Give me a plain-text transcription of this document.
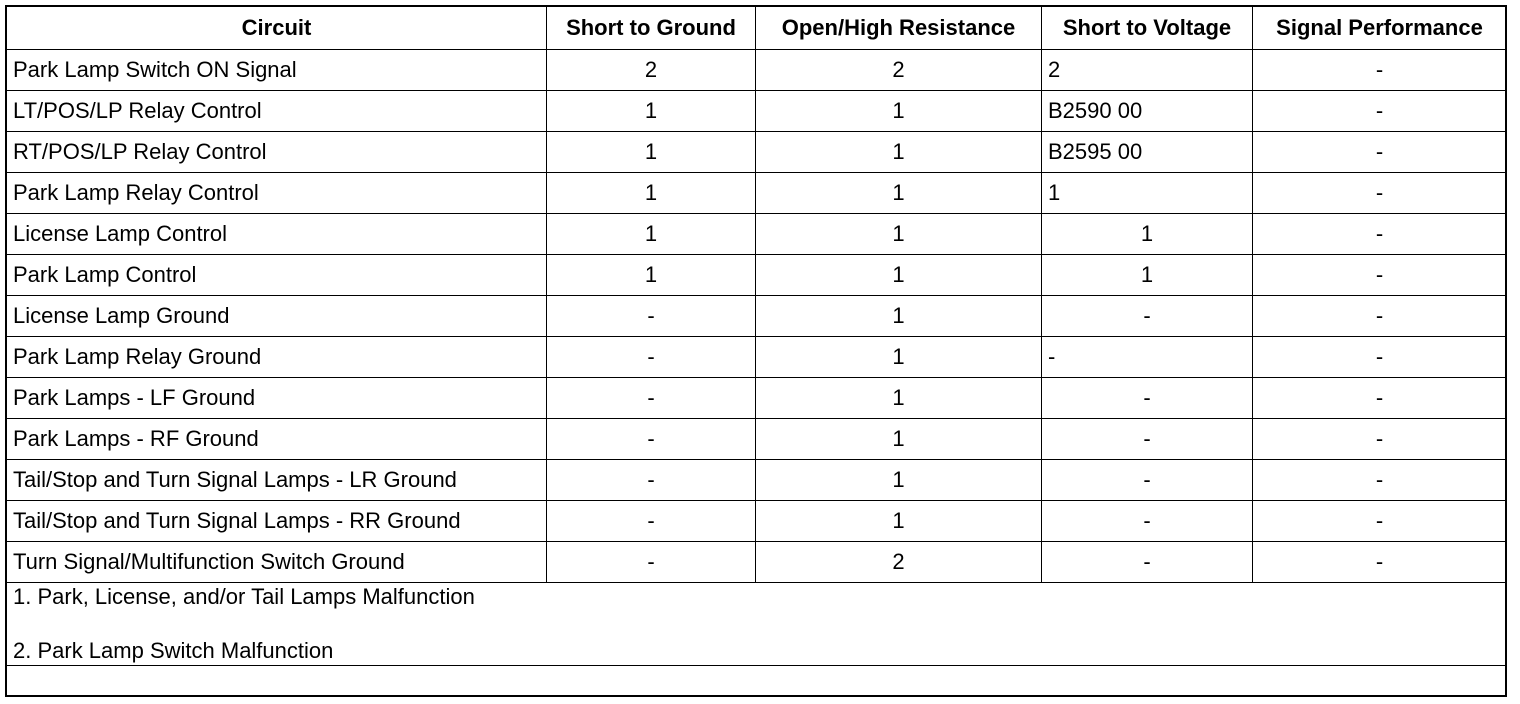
Circuit	Short to Ground	Open/High Resistance	Short to Voltage	Signal Performance
Park Lamp Switch ON Signal	2	2	2	-
LT/POS/LP Relay Control	1	1	B2590 00	-
RT/POS/LP Relay Control	1	1	B2595 00	-
Park Lamp Relay Control	1	1	1	-
License Lamp Control	1	1	1	-
Park Lamp Control	1	1	1	-
License Lamp Ground	-	1	-	-
Park Lamp Relay Ground	-	1	-	-
Park Lamps - LF Ground	-	1	-	-
Park Lamps - RF Ground	-	1	-	-
Tail/Stop and Turn Signal Lamps - LR Ground	-	1	-	-
Tail/Stop and Turn Signal Lamps - RR Ground	-	1	-	-
Turn Signal/Multifunction Switch Ground	-	2	-	-

1. Park, License, and/or Tail Lamps Malfunction
2. Park Lamp Switch Malfunction				
